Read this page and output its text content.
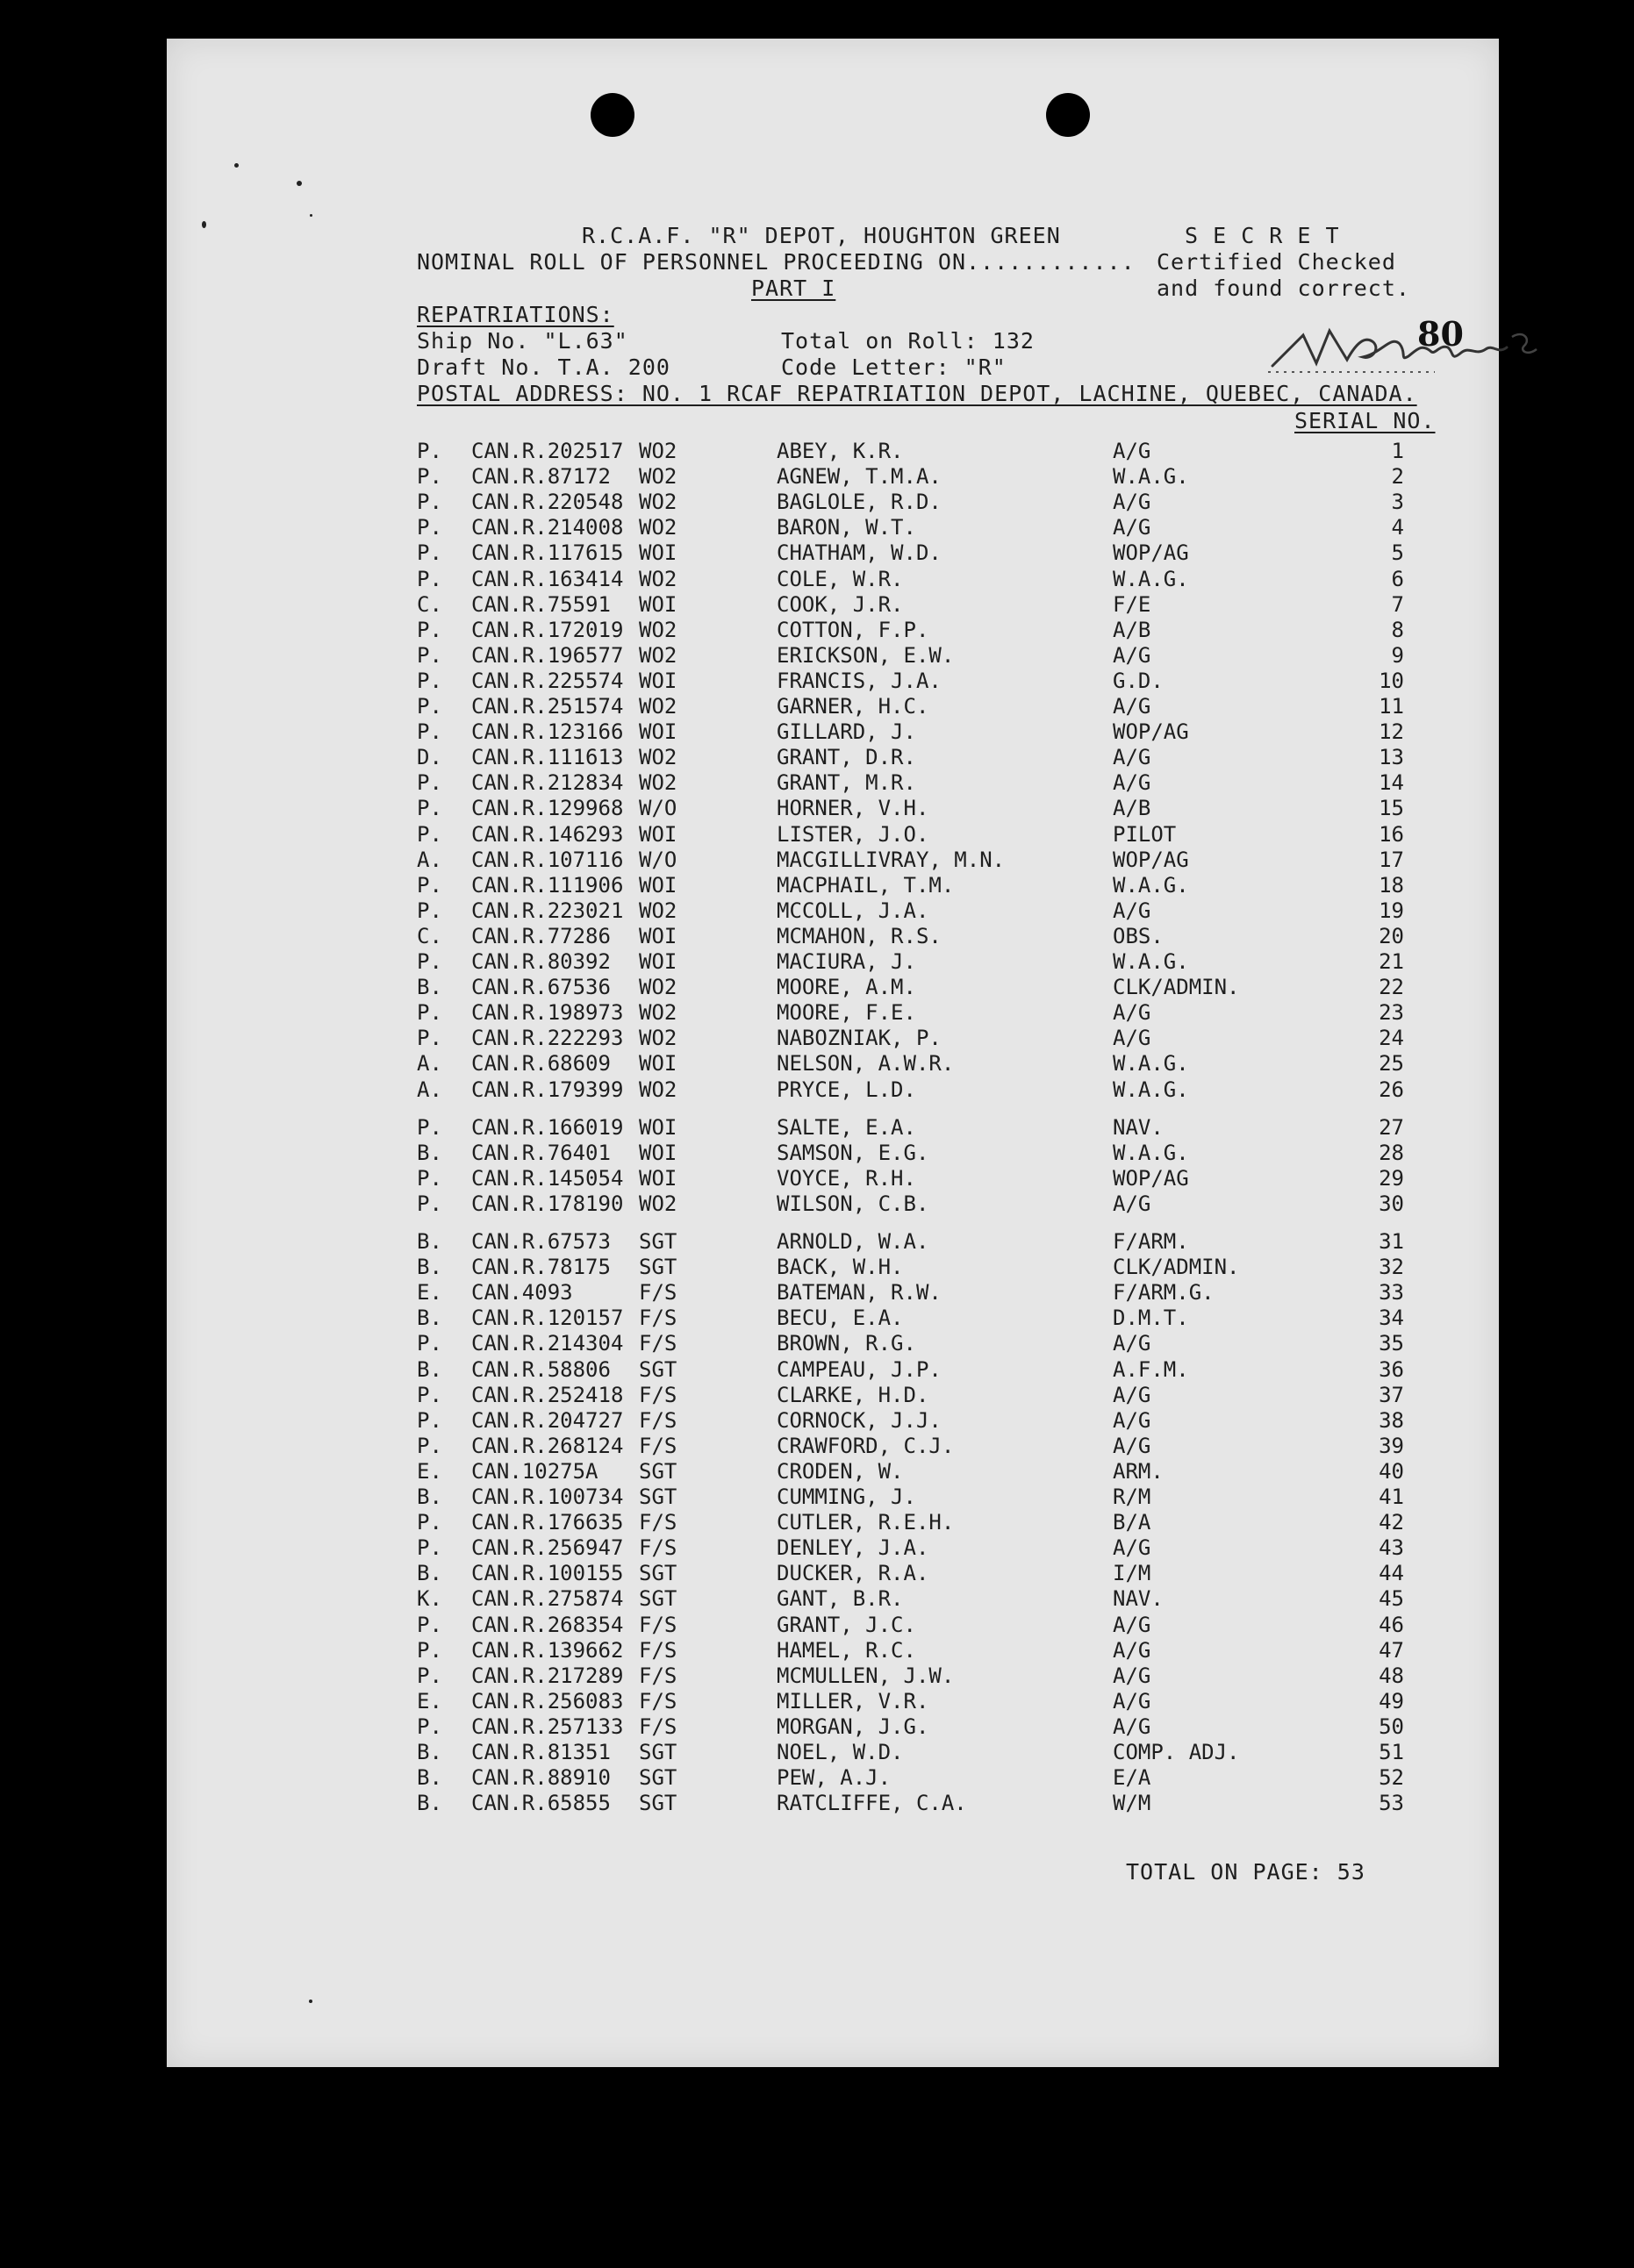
R.C.A.F. "R" DEPOT, HOUGHTON GREEN	S E C R E T
NOMINAL ROLL OF PERSONNEL PROCEEDING ON............ Certified Checked
PART I	and found correct.
REPATRIATIONS:
Ship No. "L.63"	Total on Roll: 132
Draft No. T.A. 200	Code Letter: "R"
POSTAL ADDRESS: NO. 1 RCAF REPATRIATION DEPOT, LACHINE, QUEBEC, CANADA.
80
SERIAL NO.
P. CAN.R.202517 WO2	ABEY, K.R.	A/G	1
P. CAN.R.87172 WO2	AGNEW, T.M.A.	W.A.G.	2
P. CAN.R.220548 WO2	BAGLOLE, R.D.	A/G	3
P. CAN.R.214008 WO2	BARON, W.T.	A/G	4
P. CAN.R.117615 WOI	CHATHAM, W.D.	WOP/AG	5
P. CAN.R.163414 WO2	COLE, W.R.	W.A.G.	6
C. CAN.R.75591 WOI	COOK, J.R.	F/E	7
P. CAN.R.172019 WO2	COTTON, F.P.	A/B	8
P. CAN.R.196577 WO2	ERICKSON, E.W.	A/G	9
P. CAN.R.225574 WOI	FRANCIS, J.A.	G.D.	10
P. CAN.R.251574 WO2	GARNER, H.C.	A/G	11
P. CAN.R.123166 WOI	GILLARD, J.	WOP/AG	12
D. CAN.R.111613 WO2	GRANT, D.R.	A/G	13
P. CAN.R.212834 WO2	GRANT, M.R.	A/G	14
P. CAN.R.129968 W/O	HORNER, V.H.	A/B	15
P. CAN.R.146293 WOI	LISTER, J.O.	PILOT	16
A. CAN.R.107116 W/O	MACGILLIVRAY, M.N.	WOP/AG	17
P. CAN.R.111906 WOI	MACPHAIL, T.M.	W.A.G.	18
P. CAN.R.223021 WO2	MCCOLL, J.A.	A/G	19
C. CAN.R.77286 WOI	MCMAHON, R.S.	OBS.	20
P. CAN.R.80392 WOI	MACIURA, J.	W.A.G.	21
B. CAN.R.67536 WO2	MOORE, A.M.	CLK/ADMIN.	22
P. CAN.R.198973 WO2	MOORE, F.E.	A/G	23
P. CAN.R.222293 WO2	NABOZNIAK, P.	A/G	24
A. CAN.R.68609 WOI	NELSON, A.W.R.	W.A.G.	25
A. CAN.R.179399 WO2	PRYCE, L.D.	W.A.G.	26
P. CAN.R.166019 WOI	SALTE, E.A.	NAV.	27
B. CAN.R.76401 WOI	SAMSON, E.G.	W.A.G.	28
P. CAN.R.145054 WOI	VOYCE, R.H.	WOP/AG	29
P. CAN.R.178190 WO2	WILSON, C.B.	A/G	30
B. CAN.R.67573 SGT	ARNOLD, W.A.	F/ARM.	31
B. CAN.R.78175 SGT	BACK, W.H.	CLK/ADMIN.	32
E. CAN.4093	F/S	BATEMAN, R.W.	F/ARM.G.	33
B. CAN.R.120157 F/S	BECU, E.A.	D.M.T.	34
P. CAN.R.214304 F/S	BROWN, R.G.	A/G	35
B. CAN.R.58806 SGT	CAMPEAU, J.P.	A.F.M.	36
P. CAN.R.252418 F/S	CLARKE, H.D.	A/G	37
P. CAN.R.204727 F/S	CORNOCK, J.J.	A/G	38
P. CAN.R.268124 F/S	CRAWFORD, C.J.	A/G	39
E. CAN.10275A SGT	CRODEN, W.	ARM.	40
B. CAN.R.100734 SGT	CUMMING, J.	R/M	41
P. CAN.R.176635 F/S	CUTLER, R.E.H.	B/A	42
P. CAN.R.256947 F/S	DENLEY, J.A.	A/G	43
B. CAN.R.100155 SGT	DUCKER, R.A.	I/M	44
K. CAN.R.275874 SGT	GANT, B.R.	NAV.	45
P. CAN.R.268354 F/S	GRANT, J.C.	A/G	46
P. CAN.R.139662 F/S	HAMEL, R.C.	A/G	47
P. CAN.R.217289 F/S	MCMULLEN, J.W.	A/G	48
E. CAN.R.256083 F/S	MILLER, V.R.	A/G	49
P. CAN.R.257133 F/S	MORGAN, J.G.	A/G	50
B. CAN.R.81351 SGT	NOEL, W.D.	COMP. ADJ.	51
B. CAN.R.88910 SGT	PEW, A.J.	E/A	52
B. CAN.R.65855 SGT	RATCLIFFE, C.A.	W/M	53
TOTAL ON PAGE: 53
